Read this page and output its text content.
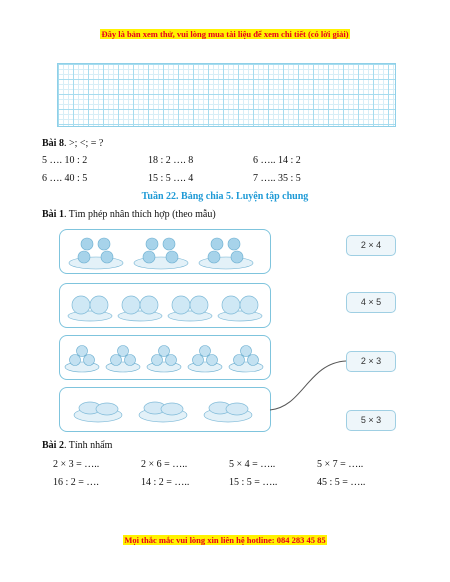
Đây là bản xem thử, vui lòng mua tài liệu để xem chi tiết (có lời giải)
Bài 8. >; <; = ?
5 …. 10 : 2	18 : 2 …. 8	6 ….. 14 : 2
6 …. 40 : 5	15 : 5 …. 4	7 ….. 35 : 5
Tuần 22. Bảng chia 5. Luyện tập chung
Bài 1. Tìm phép nhân thích hợp (theo mẫu)
2 × 4
4 × 5
2 × 3
5 × 3
Bài 2. Tính nhẩm
2 × 3 = …..	2 × 6 = …..	5 × 4 = …..	5 × 7 = …..
16 : 2 = ….	14 : 2 = …..	15 : 5 = …..	45 : 5 = …..
Mọi thắc mắc vui lòng xin liên hệ hotline: 084 283 45 85
